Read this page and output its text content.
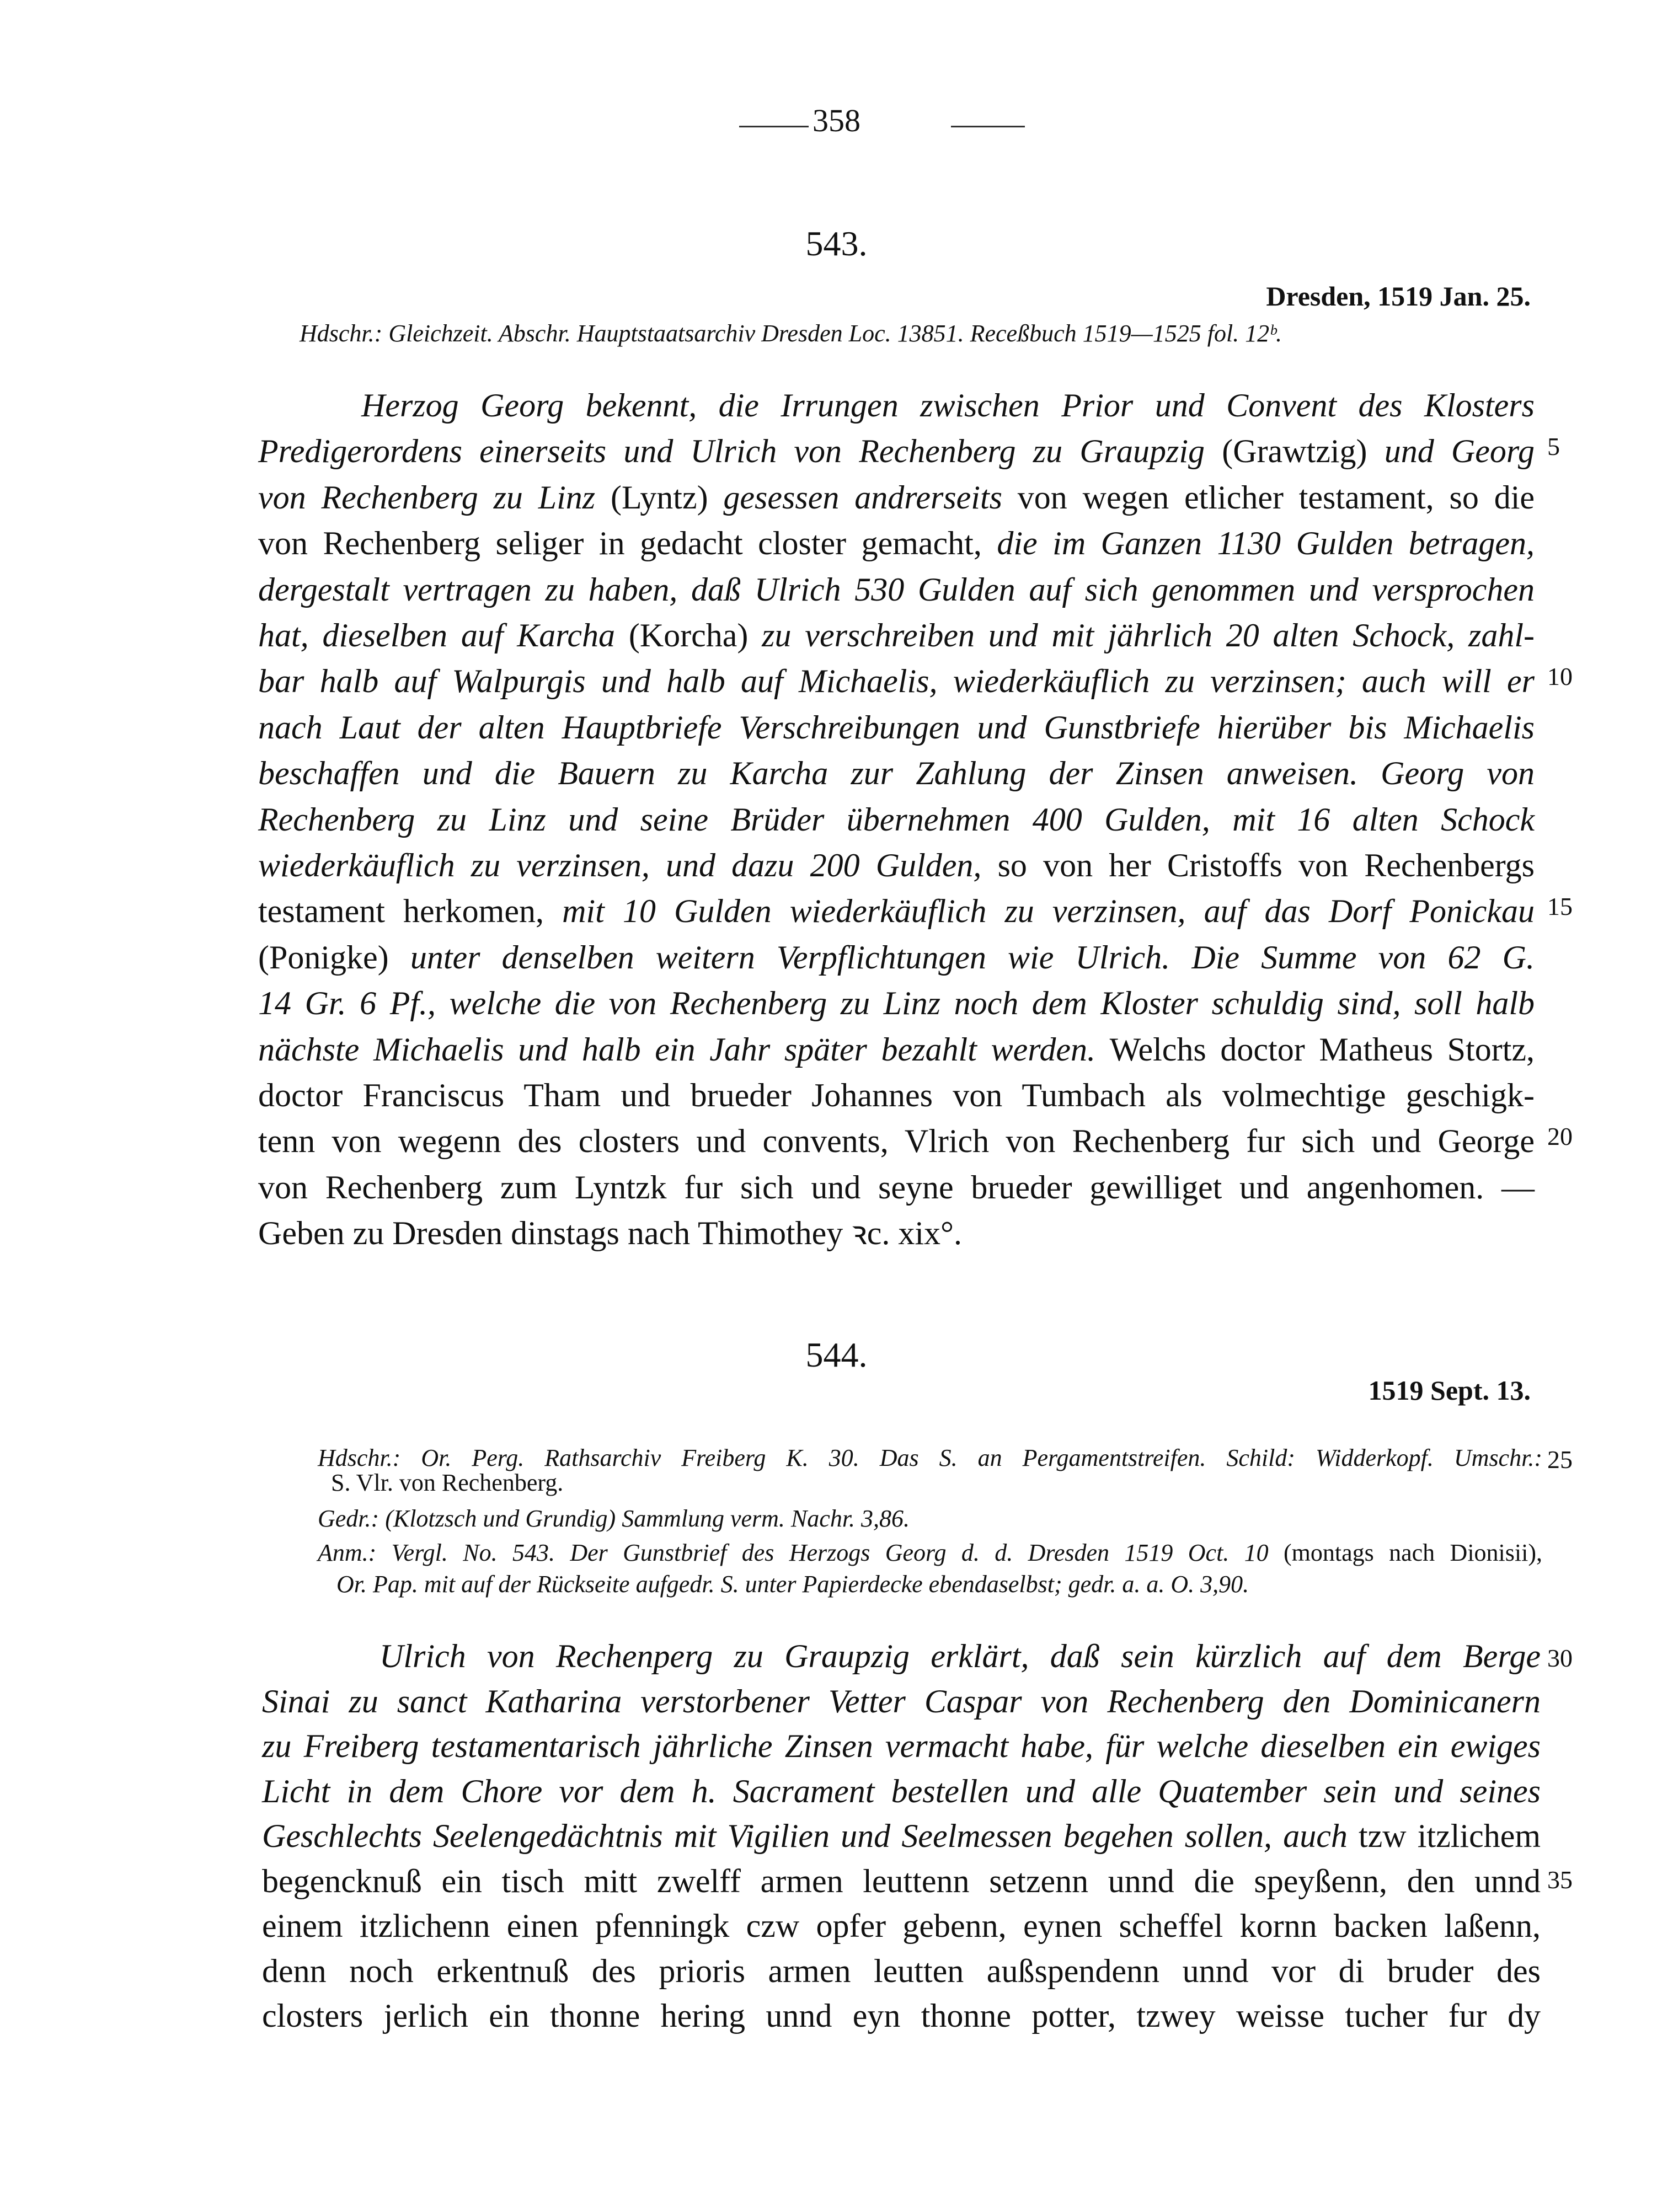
358
543.
Dresden, 1519 Jan. 25.
544.
1519 Sept. 13.
5
10
15
20
25
30
35
Hdschr.: Gleichzeit. Abschr. Hauptstaatsarchiv Dresden Loc. 13851. Receßbuch 1519—1525 fol. 12ᵇ.
Herzog Georg bekennt, die Irrungen zwischen Prior und Convent des Klosters
Predigerordens einerseits und Ulrich von Rechenberg zu Graupzig (Grawtzig) und Georg
von Rechenberg zu Linz (Lyntz) gesessen andrerseits von wegen etlicher testament, so die
von Rechenberg seliger in gedacht closter gemacht, die im Ganzen 1130 Gulden betragen,
dergestalt vertragen zu haben, daß Ulrich 530 Gulden auf sich genommen und versprochen
hat, dieselben auf Karcha (Korcha) zu verschreiben und mit jährlich 20 alten Schock, zahl-
bar halb auf Walpurgis und halb auf Michaelis, wiederkäuflich zu verzinsen; auch will er
nach Laut der alten Hauptbriefe Verschreibungen und Gunstbriefe hierüber bis Michaelis
beschaffen und die Bauern zu Karcha zur Zahlung der Zinsen anweisen. Georg von
Rechenberg zu Linz und seine Brüder übernehmen 400 Gulden, mit 16 alten Schock
wiederkäuflich zu verzinsen, und dazu 200 Gulden, so von her Cristoffs von Rechenbergs
testament herkomen, mit 10 Gulden wiederkäuflich zu verzinsen, auf das Dorf Ponickau
(Ponigke) unter denselben weitern Verpflichtungen wie Ulrich. Die Summe von 62 G.
14 Gr. 6 Pf., welche die von Rechenberg zu Linz noch dem Kloster schuldig sind, soll halb
nächste Michaelis und halb ein Jahr später bezahlt werden. Welchs doctor Matheus Stortz,
doctor Franciscus Tham und brueder Johannes von Tumbach als volmechtige geschigk-
tenn von wegenn des closters und convents, Vlrich von Rechenberg fur sich und George
von Rechenberg zum Lyntzk fur sich und seyne brueder gewilliget und angenhomen. —
Geben zu Dresden dinstags nach Thimothey ꝛc. xix°.
Hdschr.: Or. Perg. Rathsarchiv Freiberg K. 30. Das S. an Pergamentstreifen. Schild: Widderkopf. Umschr.:
S. Vlr. von Rechenberg.
Gedr.: (Klotzsch und Grundig) Sammlung verm. Nachr. 3,86.
Anm.: Vergl. No. 543. Der Gunstbrief des Herzogs Georg d. d. Dresden 1519 Oct. 10 (montags nach Dionisii),
Or. Pap. mit auf der Rückseite aufgedr. S. unter Papierdecke ebendaselbst; gedr. a. a. O. 3,90.
Ulrich von Rechenperg zu Graupzig erklärt, daß sein kürzlich auf dem Berge
Sinai zu sanct Katharina verstorbener Vetter Caspar von Rechenberg den Dominicanern
zu Freiberg testamentarisch jährliche Zinsen vermacht habe, für welche dieselben ein ewiges
Licht in dem Chore vor dem h. Sacrament bestellen und alle Quatember sein und seines
Geschlechts Seelengedächtnis mit Vigilien und Seelmessen begehen sollen, auch tzw itzlichem
begencknuß ein tisch mitt zwelff armen leuttenn setzenn unnd die speyßenn, den unnd
einem itzlichenn einen pfenningk czw opfer gebenn, eynen scheffel kornn backen laßenn,
denn noch erkentnuß des prioris armen leutten außspendenn unnd vor di bruder des
closters jerlich ein thonne hering unnd eyn thonne potter, tzwey weisse tucher fur dy
